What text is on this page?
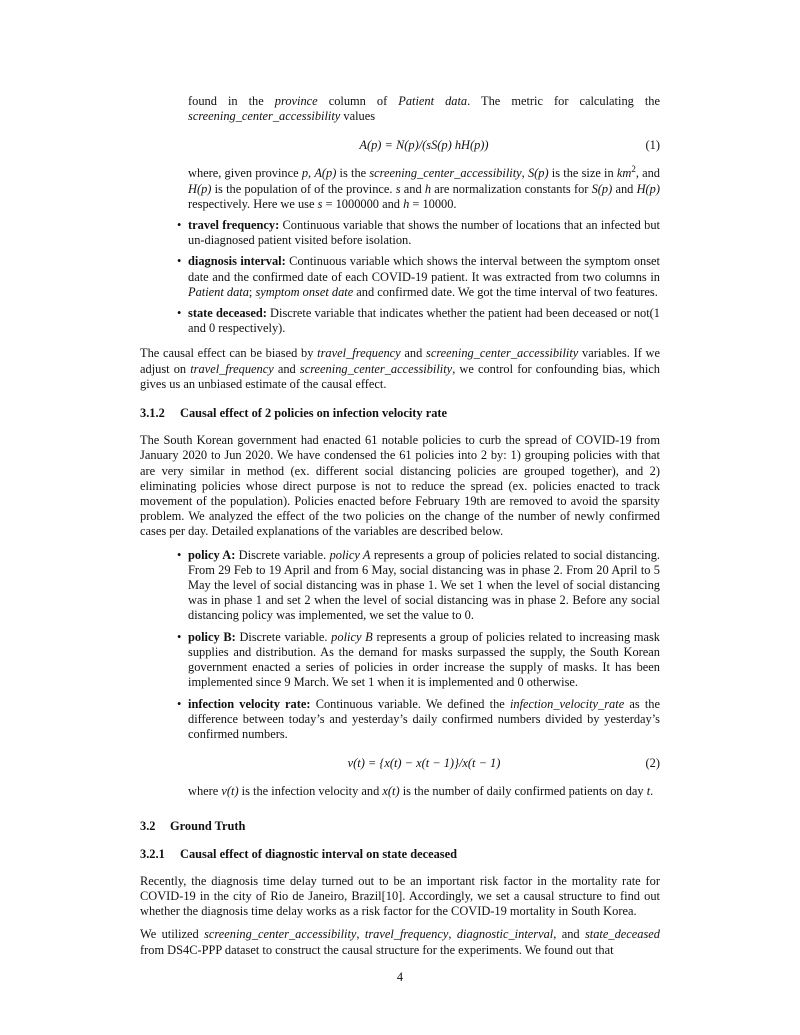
found in the province column of Patient data. The metric for calculating the screening_center_accessibility values

A(p) = N(p)/(sS(p) hH(p))	(1)

where, given province p, A(p) is the screening_center_accessibility, S(p) is the size in $km^2$, and H(p) is the population of of the province. s and h are normalization constants for S(p) and H(p) respectively. Here we use s = 1000000 and h = 10000.

• travel frequency: Continuous variable that shows the number of locations that an infected but un-diagnosed patient visited before isolation.
• diagnosis interval: Continuous variable which shows the interval between the symptom onset date and the confirmed date of each COVID-19 patient. It was extracted from two columns in Patient data; symptom onset date and confirmed date. We got the time interval of two features.
• state deceased: Discrete variable that indicates whether the patient had been deceased or not(1 and 0 respectively).

The causal effect can be biased by travel_frequency and screening_center_accessibility variables. If we adjust on travel_frequency and screening_center_accessibility, we control for confounding bias, which gives us an unbiased estimate of the causal effect.

3.1.2 Causal effect of 2 policies on infection velocity rate

The South Korean government had enacted 61 notable policies to curb the spread of COVID-19 from January 2020 to Jun 2020. We have condensed the 61 policies into 2 by: 1) grouping policies with that are very similar in method (ex. different social distancing policies are grouped together), and 2) eliminating policies whose direct purpose is not to reduce the spread (ex. policies enacted to track movement of the population). Policies enacted before February 19th are removed to avoid the sparsity problem. We analyzed the effect of the two policies on the change of the number of newly confirmed cases per day. Detailed explanations of the variables are described below.

• policy A: Discrete variable. policy A represents a group of policies related to social distancing. From 29 Feb to 19 April and from 6 May, social distancing was in phase 2. From 20 April to 5 May the level of social distancing was in phase 1. We set 1 when the level of social distancing was in phase 1 and set 2 when the level of social distancing was in phase 2. Before any social distancing policy was implemented, we set the value to 0.
• policy B: Discrete variable. policy B represents a group of policies related to increasing mask supplies and distribution. As the demand for masks surpassed the supply, the South Korean government enacted a series of policies in order increase the supply of masks. It has been implemented since 9 March. We set 1 when it is implemented and 0 otherwise.
• infection velocity rate: Continuous variable. We defined the infection_velocity_rate as the difference between today’s and yesterday’s daily confirmed numbers divided by yesterday’s confirmed numbers.
v(t) = {x(t) − x(t − 1)}/x(t − 1)	(2)

where v(t) is the infection velocity and x(t) is the number of daily confirmed patients on day t.

3.2 Ground Truth
3.2.1 Causal effect of diagnostic interval on state deceased

Recently, the diagnosis time delay turned out to be an important risk factor in the mortality rate for COVID-19 in the city of Rio de Janeiro, Brazil[10]. Accordingly, we set a causal structure to find out whether the diagnosis time delay works as a risk factor for the COVID-19 mortality in South Korea.

We utilized screening_center_accessibility, travel_frequency, diagnostic_interval, and state_deceased from DS4C-PPP dataset to construct the causal structure for the experiments. We found out that

4
